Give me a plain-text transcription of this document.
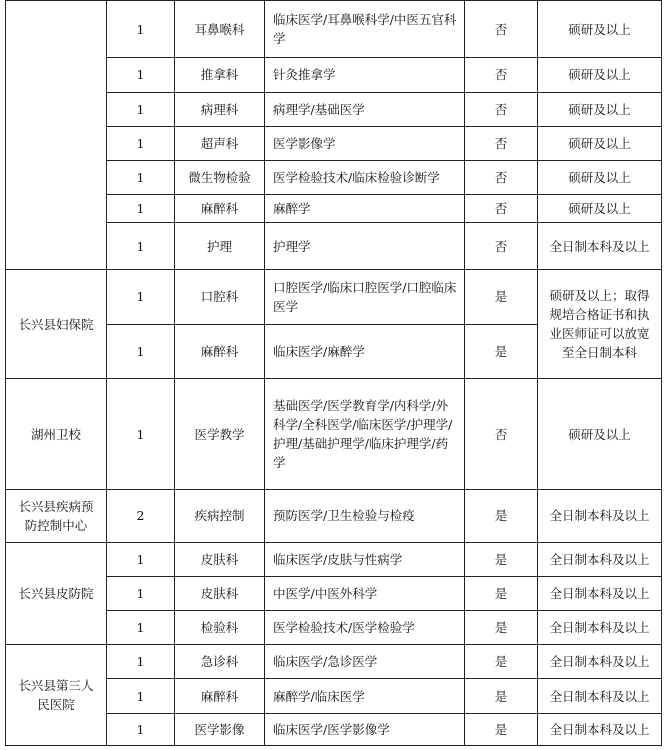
	1	耳鼻喉科	临床医学/耳鼻喉科学/中医五官科学	否	硕研及以上
	1	推拿科	针灸推拿学	否	硕研及以上
	1	病理科	病理学/基础医学	否	硕研及以上
	1	超声科	医学影像学	否	硕研及以上
	1	微生物检验	医学检验技术/临床检验诊断学	否	硕研及以上
	1	麻醉科	麻醉学	否	硕研及以上
	1	护理	护理学	否	全日制本科及以上
长兴县妇保院	1	口腔科	口腔医学/临床口腔医学/口腔临床医学	是	硕研及以上；取得规培合格证书和执业医师证可以放宽至全日制本科
	1	麻醉科	临床医学/麻醉学	是	
湖州卫校	1	医学教学	基础医学/医学教育学/内科学/外科学/全科医学/临床医学/护理学/护理/基础护理学/临床护理学/药学	否	硕研及以上
长兴县疾病预防控制中心	2	疾病控制	预防医学/卫生检验与检疫	是	全日制本科及以上
长兴县皮防院	1	皮肤科	临床医学/皮肤与性病学	是	全日制本科及以上
	1	皮肤科	中医学/中医外科学	是	全日制本科及以上
	1	检验科	医学检验技术/医学检验学	是	全日制本科及以上
长兴县第三人民医院	1	急诊科	临床医学/急诊医学	是	全日制本科及以上
	1	麻醉科	麻醉学/临床医学	是	全日制本科及以上
	1	医学影像	临床医学/医学影像学	是	全日制本科及以上
